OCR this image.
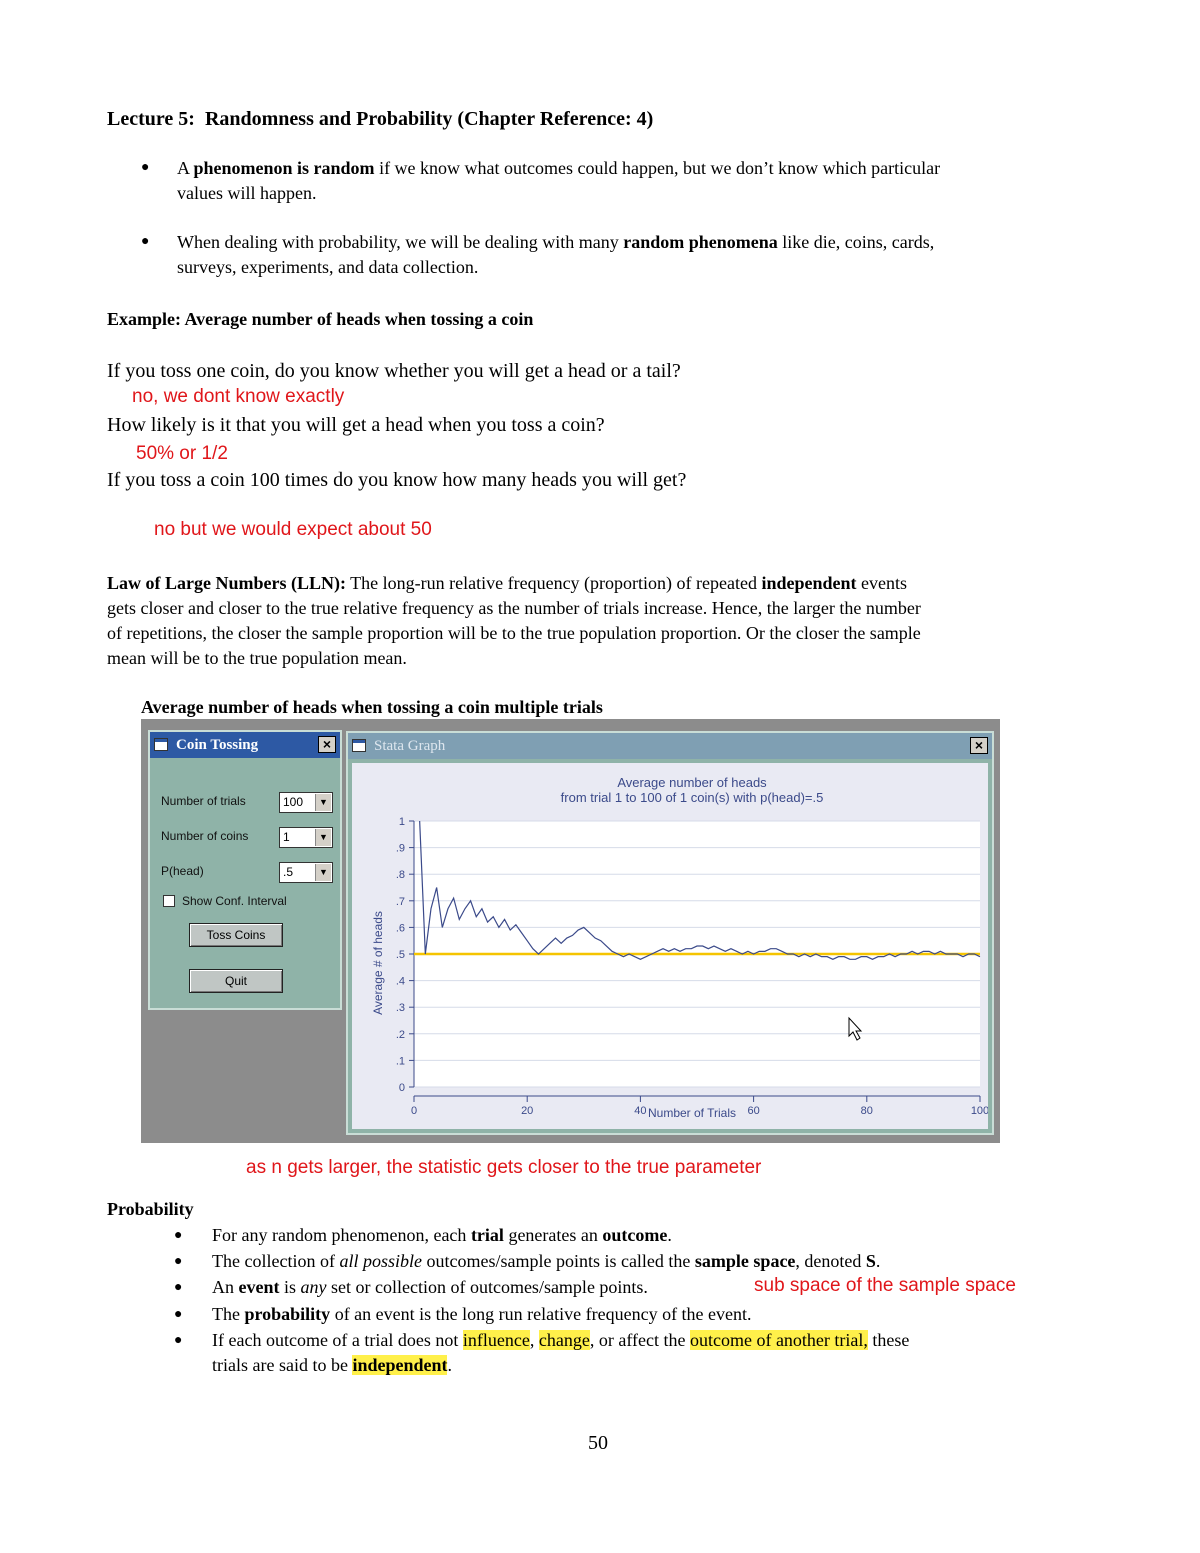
Lecture 5: Randomness and Probability (Chapter Reference: 4)
● A phenomenon is random if we know what outcomes could happen, but we don’t know which particular
values will happen.
● When dealing with probability, we will be dealing with many random phenomena like die, coins, cards,
surveys, experiments, and data collection.
Example: Average number of heads when tossing a coin
If you toss one coin, do you know whether you will get a head or a tail?
no, we dont know exactly
How likely is it that you will get a head when you toss a coin?
50% or 1/2
If you toss a coin 100 times do you know how many heads you will get?
no but we would expect about 50
Law of Large Numbers (LLN): The long-run relative frequency (proportion) of repeated independent events
gets closer and closer to the true relative frequency as the number of trials increase. Hence, the larger the number
of repetitions, the closer the sample proportion will be to the true population proportion. Or the closer the sample
mean will be to the true population mean.
Average number of heads when tossing a coin multiple trials
Coin Tossing	×
Number of trials	100	▼
Number of coins	1	▼
P(head)	.5	▼
Show Conf. Interval
Toss Coins
Quit
Stata Graph	×
Average number of heads
from trial 1 to 100 of 1 coin(s) with p(head)=.5
Number of Trials
Average # of heads
0
.1
.2
.3
.4
.5
.6
.7
.8
.9
1
0	20	40	60	80	100
as n gets larger, the statistic gets closer to the true parameter
Probability
● For any random phenomenon, each trial generates an outcome.
● The collection of all possible outcomes/sample points is called the sample space, denoted S.
● An event is any set or collection of outcomes/sample points.	sub space of the sample space
● The probability of an event is the long run relative frequency of the event.
● If each outcome of a trial does not influence, change, or affect the outcome of another trial, these
trials are said to be independent.
50
